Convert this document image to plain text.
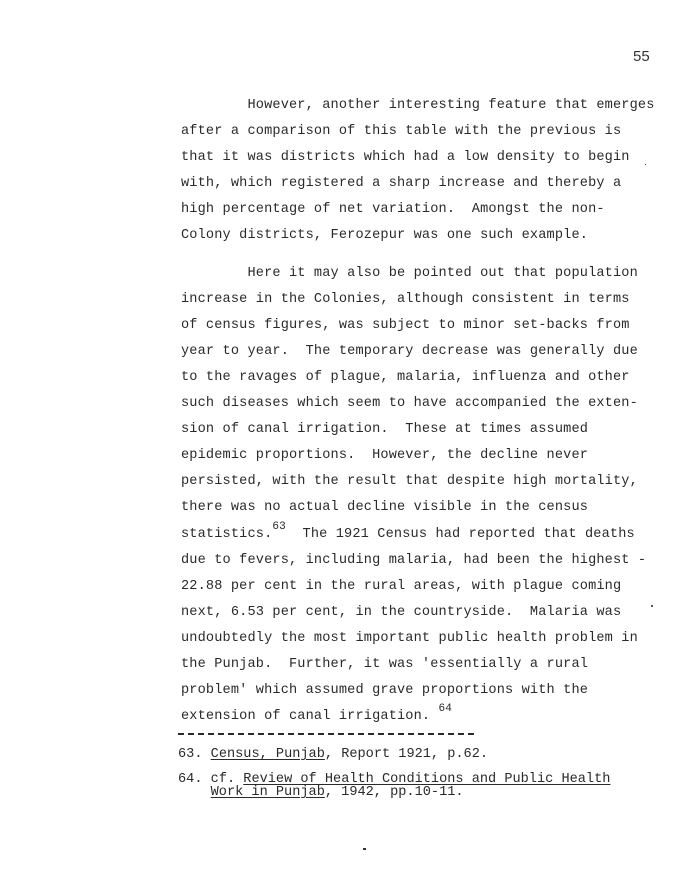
55
However, another interesting feature that emerges
after a comparison of this table with the previous is
that it was districts which had a low density to begin
with, which registered a sharp increase and thereby a
high percentage of net variation.  Amongst the non-
Colony districts, Ferozepur was one such example.
Here it may also be pointed out that population
increase in the Colonies, although consistent in terms
of census figures, was subject to minor set-backs from
year to year.  The temporary decrease was generally due
to the ravages of plague, malaria, influenza and other
such diseases which seem to have accompanied the exten-
sion of canal irrigation.  These at times assumed
epidemic proportions.  However, the decline never
persisted, with the result that despite high mortality,
there was no actual decline visible in the census
statistics.$^{63}$  The 1921 Census had reported that deaths
due to fevers, including malaria, had been the highest -
22.88 per cent in the rural areas, with plague coming
next, 6.53 per cent, in the countryside.  Malaria was
undoubtedly the most important public health problem in
the Punjab.  Further, it was 'essentially a rural
problem' which assumed grave proportions with the
extension of canal irrigation. $^{64}$
63. Census, Punjab, Report 1921, p.62.
64. cf. Review of Health Conditions and Public Health
Work in Punjab, 1942, pp.10-11.
